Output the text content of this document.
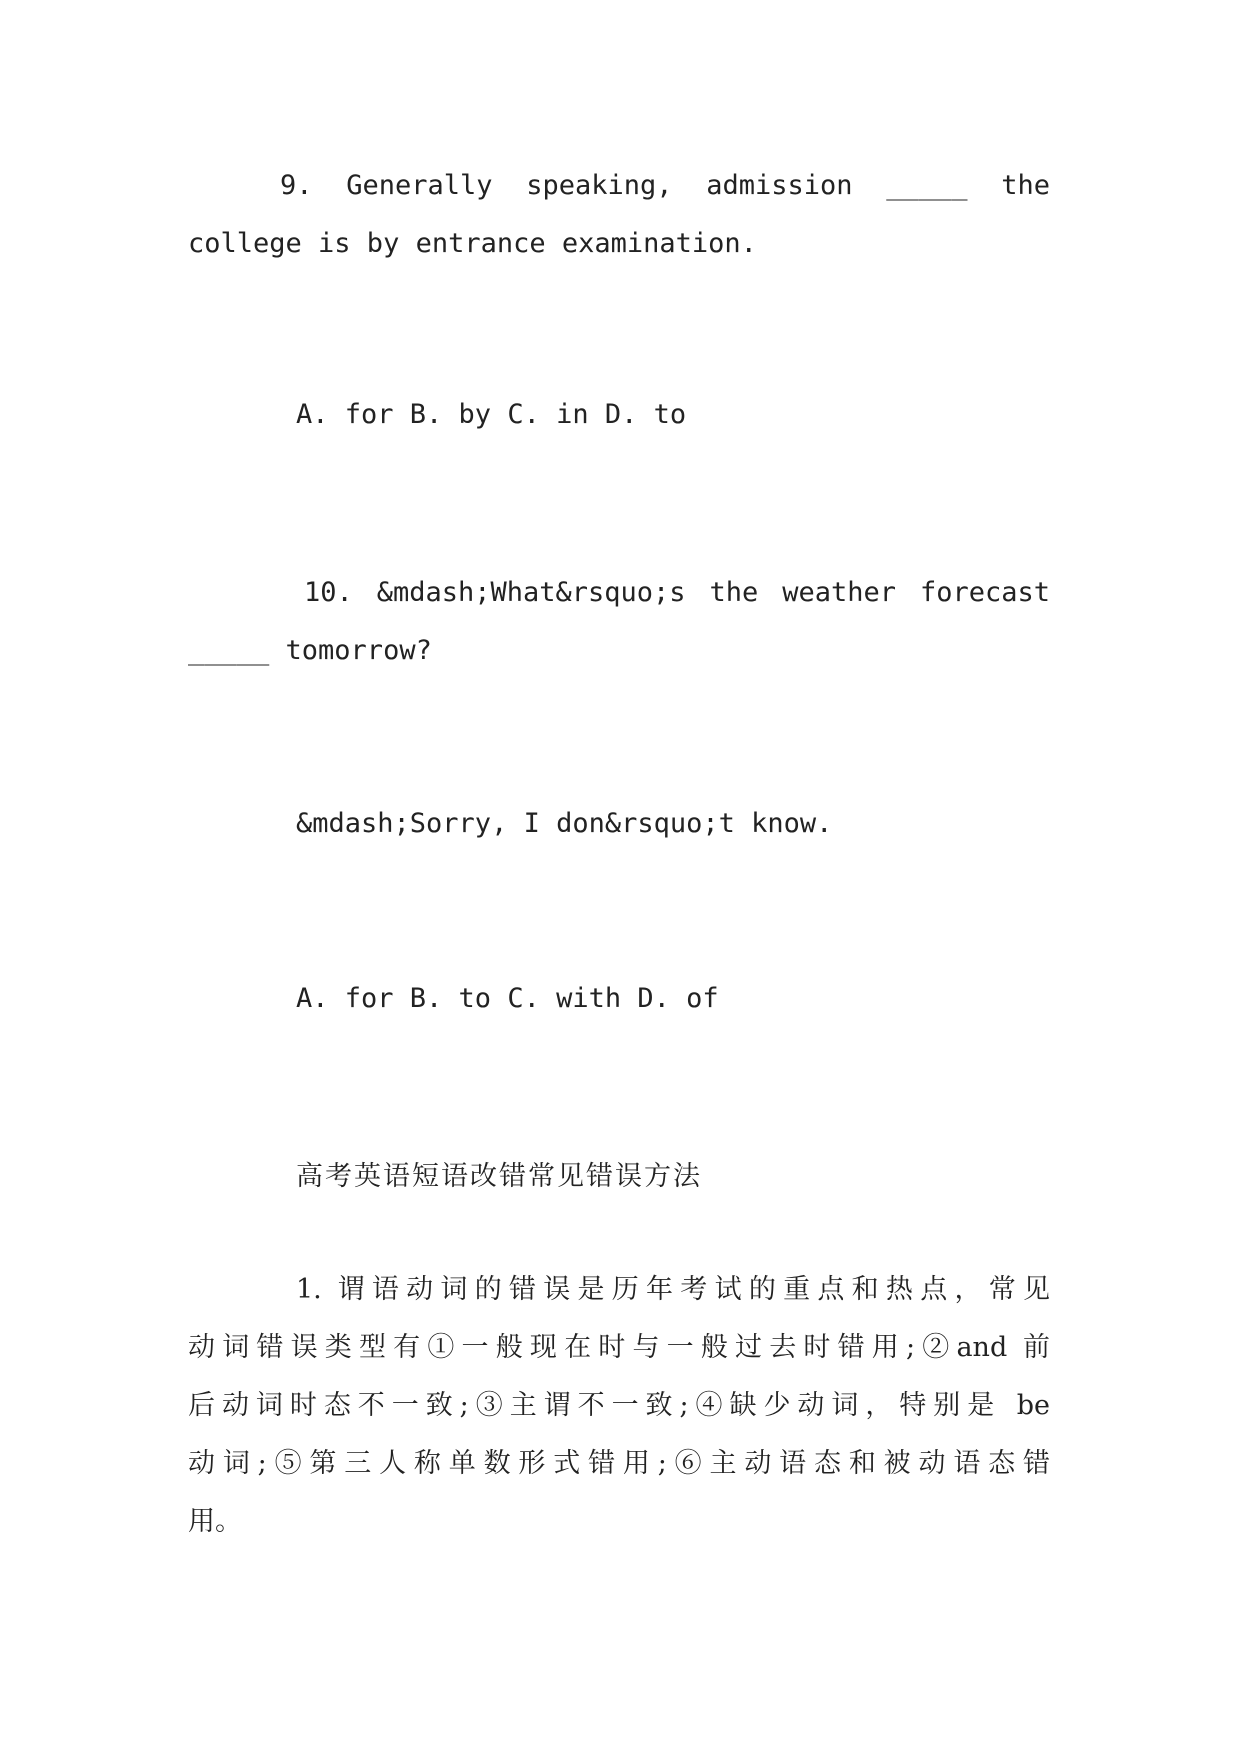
9. Generally speaking, admission _____ the
college is by entrance examination.
A. for B. by C. in D. to
10. &mdash;What&rsquo;s the weather forecast
_____ tomorrow?
&mdash;Sorry, I don&rsquo;t know.
A. for B. to C. with D. of
高考英语短语改错常见错误方法
1. 谓语动词的错误是历年考试的重点和热点，常见
动词错误类型有①一般现在时与一般过去时错用;②and 前
后动词时态不一致;③主谓不一致;④缺少动词，特别是 be
动词;⑤第三人称单数形式错用;⑥主动语态和被动语态错
用。
